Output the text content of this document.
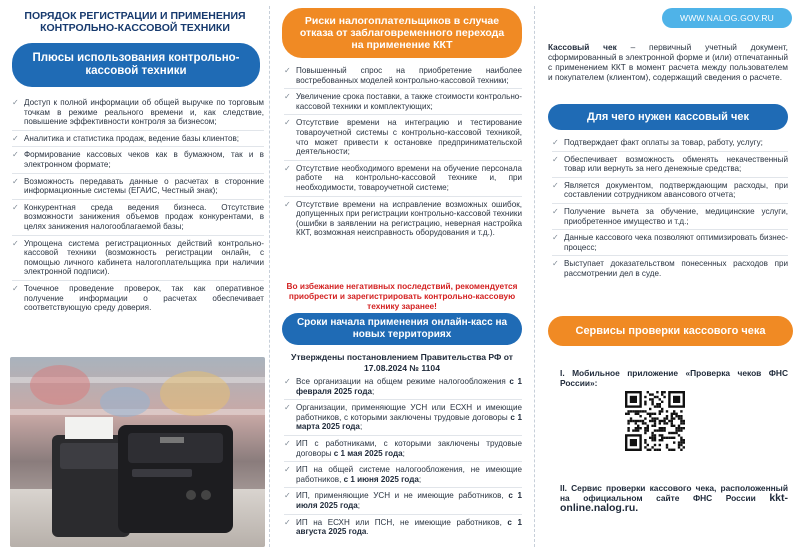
ПОРЯДОК РЕГИСТРАЦИИ И ПРИМЕНЕНИЯ КОНТРОЛЬНО-КАССОВОЙ ТЕХНИКИ
Плюсы использования контрольно-кассовой техники
✓ Доступ к полной информации об общей выручке по торговым точкам в режиме реального времени и, как следствие, повышение эффективности контроля за бизнесом;
✓ Аналитика и статистика продаж, ведение базы клиентов;
✓ Формирование кассовых чеков как в бумажном, так и в электронном формате;
✓ Возможность передавать данные о расчетах в сторонние информационные системы (ЕГАИС, Честный знак);
✓ Конкурентная среда ведения бизнеса. Отсутствие возможности занижения объемов продаж конкурентами, в целях занижения налогооблагаемой базы;
✓ Упрощена система регистрационных действий контрольно-кассовой техники (возможность регистрации онлайн, с помощью личного кабинета налогоплательщика при наличии электронной подписи).
✓ Точечное проведение проверок, так как оперативное получение информации о расчетах обеспечивает соответствующую среду доверия.
Риски налогоплательщиков в случае отказа от заблаговременного перехода на применение ККТ
✓ Повышенный спрос на приобретение наиболее востребованных моделей контрольно-кассовой техники;
✓ Увеличение срока поставки, а также стоимости контрольно-кассовой техники и комплектующих;
✓ Отсутствие времени на интеграцию и тестирование товароучетной системы с контрольно-кассовой техникой, что может привести к остановке предпринимательской деятельности;
✓ Отсутствие необходимого времени на обучение персонала работе на контрольно-кассовой технике и, при необходимости, товароучетной системе;
✓ Отсутствие времени на исправление возможных ошибок, допущенных при регистрации контрольно-кассовой техники (ошибки в заявлении на регистрацию, неверная настройка ККТ, возможная неисправность оборудования и т.д.).
Во избежание негативных последствий, рекомендуется приобрести и зарегистрировать контрольно-кассовую технику заранее!
Сроки начала применения онлайн-касс на новых территориях
Утверждены постановлением Правительства РФ от 17.08.2024 № 1104
✓ Все организации на общем режиме налогообложения с 1 февраля 2025 года;
✓ Организации, применяющие УСН или ЕСХН и имеющие работников, с которыми заключены трудовые договоры с 1 марта 2025 года;
✓ ИП с работниками, с которыми заключены трудовые договоры с 1 мая 2025 года;
✓ ИП на общей системе налогообложения, не имеющие работников, с 1 июня 2025 года;
✓ ИП, применяющие УСН и не имеющие работников, с 1 июля 2025 года;
✓ ИП на ЕСХН или ПСН, не имеющие работников, с 1 августа 2025 года.
WWW.NALOG.GOV.RU
Кассовый чек – первичный учетный документ, сформированный в электронной форме и (или) отпечатанный с применением ККТ в момент расчета между пользователем и покупателем (клиентом), содержащий сведения о расчете.
Для чего нужен кассовый чек
✓ Подтверждает факт оплаты за товар, работу, услугу;
✓ Обеспечивает возможность обменять некачественный товар или вернуть за него денежные средства;
✓ Является документом, подтверждающим расходы, при составлении сотрудником авансового отчета;
✓ Получение вычета за обучение, медицинские услуги, приобретенное имущество и т.д.;
✓ Данные кассового чека позволяют оптимизировать бизнес-процесс;
✓ Выступает доказательством понесенных расходов при рассмотрении дел в суде.
Сервисы проверки кассового чека
I. Мобильное приложение «Проверка чеков ФНС России»:
II. Сервис проверки кассового чека, расположенный на официальном сайте ФНС России kkt-online.nalog.ru.
